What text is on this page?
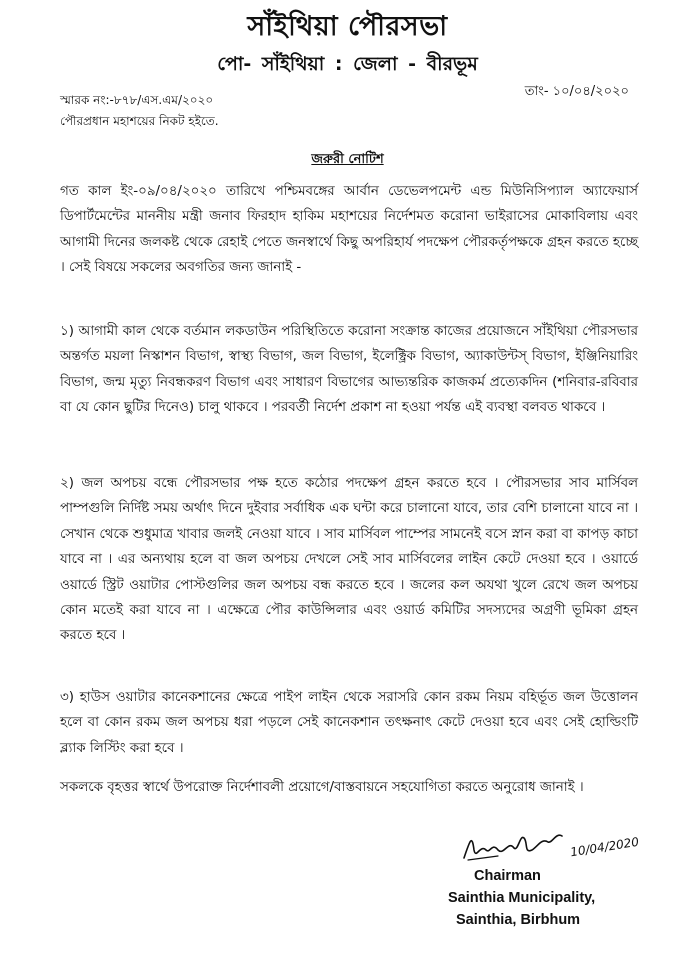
সাঁইথিয়া পৌরসভা
পো- সাঁইথিয়া : জেলা - বীরভূম
স্মারক নং:-৮৭৮/এস.এম/২০২০
তাং- ১০/০৪/২০২০
পৌরপ্রধান মহাশয়ের নিকট হইতে.
জরুরী নোটিশ
গত কাল ইং-০৯/০৪/২০২০ তারিখে পশ্চিমবঙ্গের আর্বান ডেভেলপমেন্ট এন্ড মিউনিসিপ্যাল অ্যাফেয়ার্স ডিপার্টমেন্টের মাননীয় মন্ত্রী জনাব ফিরহাদ হাকিম মহাশয়ের নির্দেশমত করোনা ভাইরাসের মোকাবিলায় এবং আগামী দিনের জলকষ্ট থেকে রেহাই পেতে জনস্বার্থে কিছু অপরিহার্য পদক্ষেপ পৌরকর্তৃপক্ষকে গ্রহন করতে হচ্ছে । সেই বিষয়ে সকলের অবগতির জন্য জানাই -
১) আগামী কাল থেকে বর্তমান লকডাউন পরিস্থিতিতে করোনা সংক্রান্ত কাজের প্রয়োজনে সাঁইথিয়া পৌরসভার অন্তর্গত ময়লা নিস্কাশন বিভাগ, স্বাস্থ্য বিভাগ, জল বিভাগ, ইলেক্ট্রিক বিভাগ, অ্যাকাউন্টস্ বিভাগ, ইঞ্জিনিয়ারিং বিভাগ, জন্ম মৃত্যু নিবন্ধকরণ বিভাগ এবং সাধারণ বিভাগের আভ্যন্তরিক কাজকর্ম প্রত্যেকদিন (শনিবার-রবিবার বা যে কোন ছুটির দিনেও) চালু থাকবে । পরবর্তী নির্দেশ প্রকাশ না হওয়া পর্যন্ত এই ব্যবস্থা বলবত থাকবে ।
২) জল অপচয় বন্ধে পৌরসভার পক্ষ হতে কঠোর পদক্ষেপ গ্রহন করতে হবে । পৌরসভার সাব মার্সিবল পাম্পগুলি নির্দিষ্ট সময় অর্থাৎ দিনে দুইবার সর্বাধিক এক ঘন্টা করে চালানো যাবে, তার বেশি চালানো যাবে না । সেখান থেকে শুধুমাত্র খাবার জলই নেওয়া যাবে । সাব মার্সিবল পাম্পের সামনেই বসে স্নান করা বা কাপড় কাচা যাবে না । এর অন্যথায় হলে বা জল অপচয় দেখলে সেই সাব মার্সিবলের লাইন কেটে দেওয়া হবে । ওয়ার্ডে ওয়ার্ডে স্ট্রিট ওয়াটার পোস্টগুলির জল অপচয় বন্ধ করতে হবে । জলের কল অযথা খুলে রেখে জল অপচয় কোন মতেই করা যাবে না । এক্ষেত্রে পৌর কাউন্সিলার এবং ওয়ার্ড কমিটির সদস্যদের অগ্রণী ভূমিকা গ্রহন করতে হবে ।
৩) হাউস ওয়াটার কানেকশানের ক্ষেত্রে পাইপ লাইন থেকে সরাসরি কোন রকম নিয়ম বহির্ভূত জল উত্তোলন হলে বা কোন রকম জল অপচয় ধরা পড়লে সেই কানেকশান তৎক্ষনাৎ কেটে দেওয়া হবে এবং সেই হোল্ডিংটি ব্ল্যাক লিস্টিং করা হবে ।
সকলকে বৃহত্তর স্বার্থে উপরোক্ত নির্দেশাবলী প্রয়োগে/বাস্তবায়নে সহযোগিতা করতে অনুরোধ জানাই ।
10/04/2020
Chairman
Sainthia Municipality,
Sainthia, Birbhum
